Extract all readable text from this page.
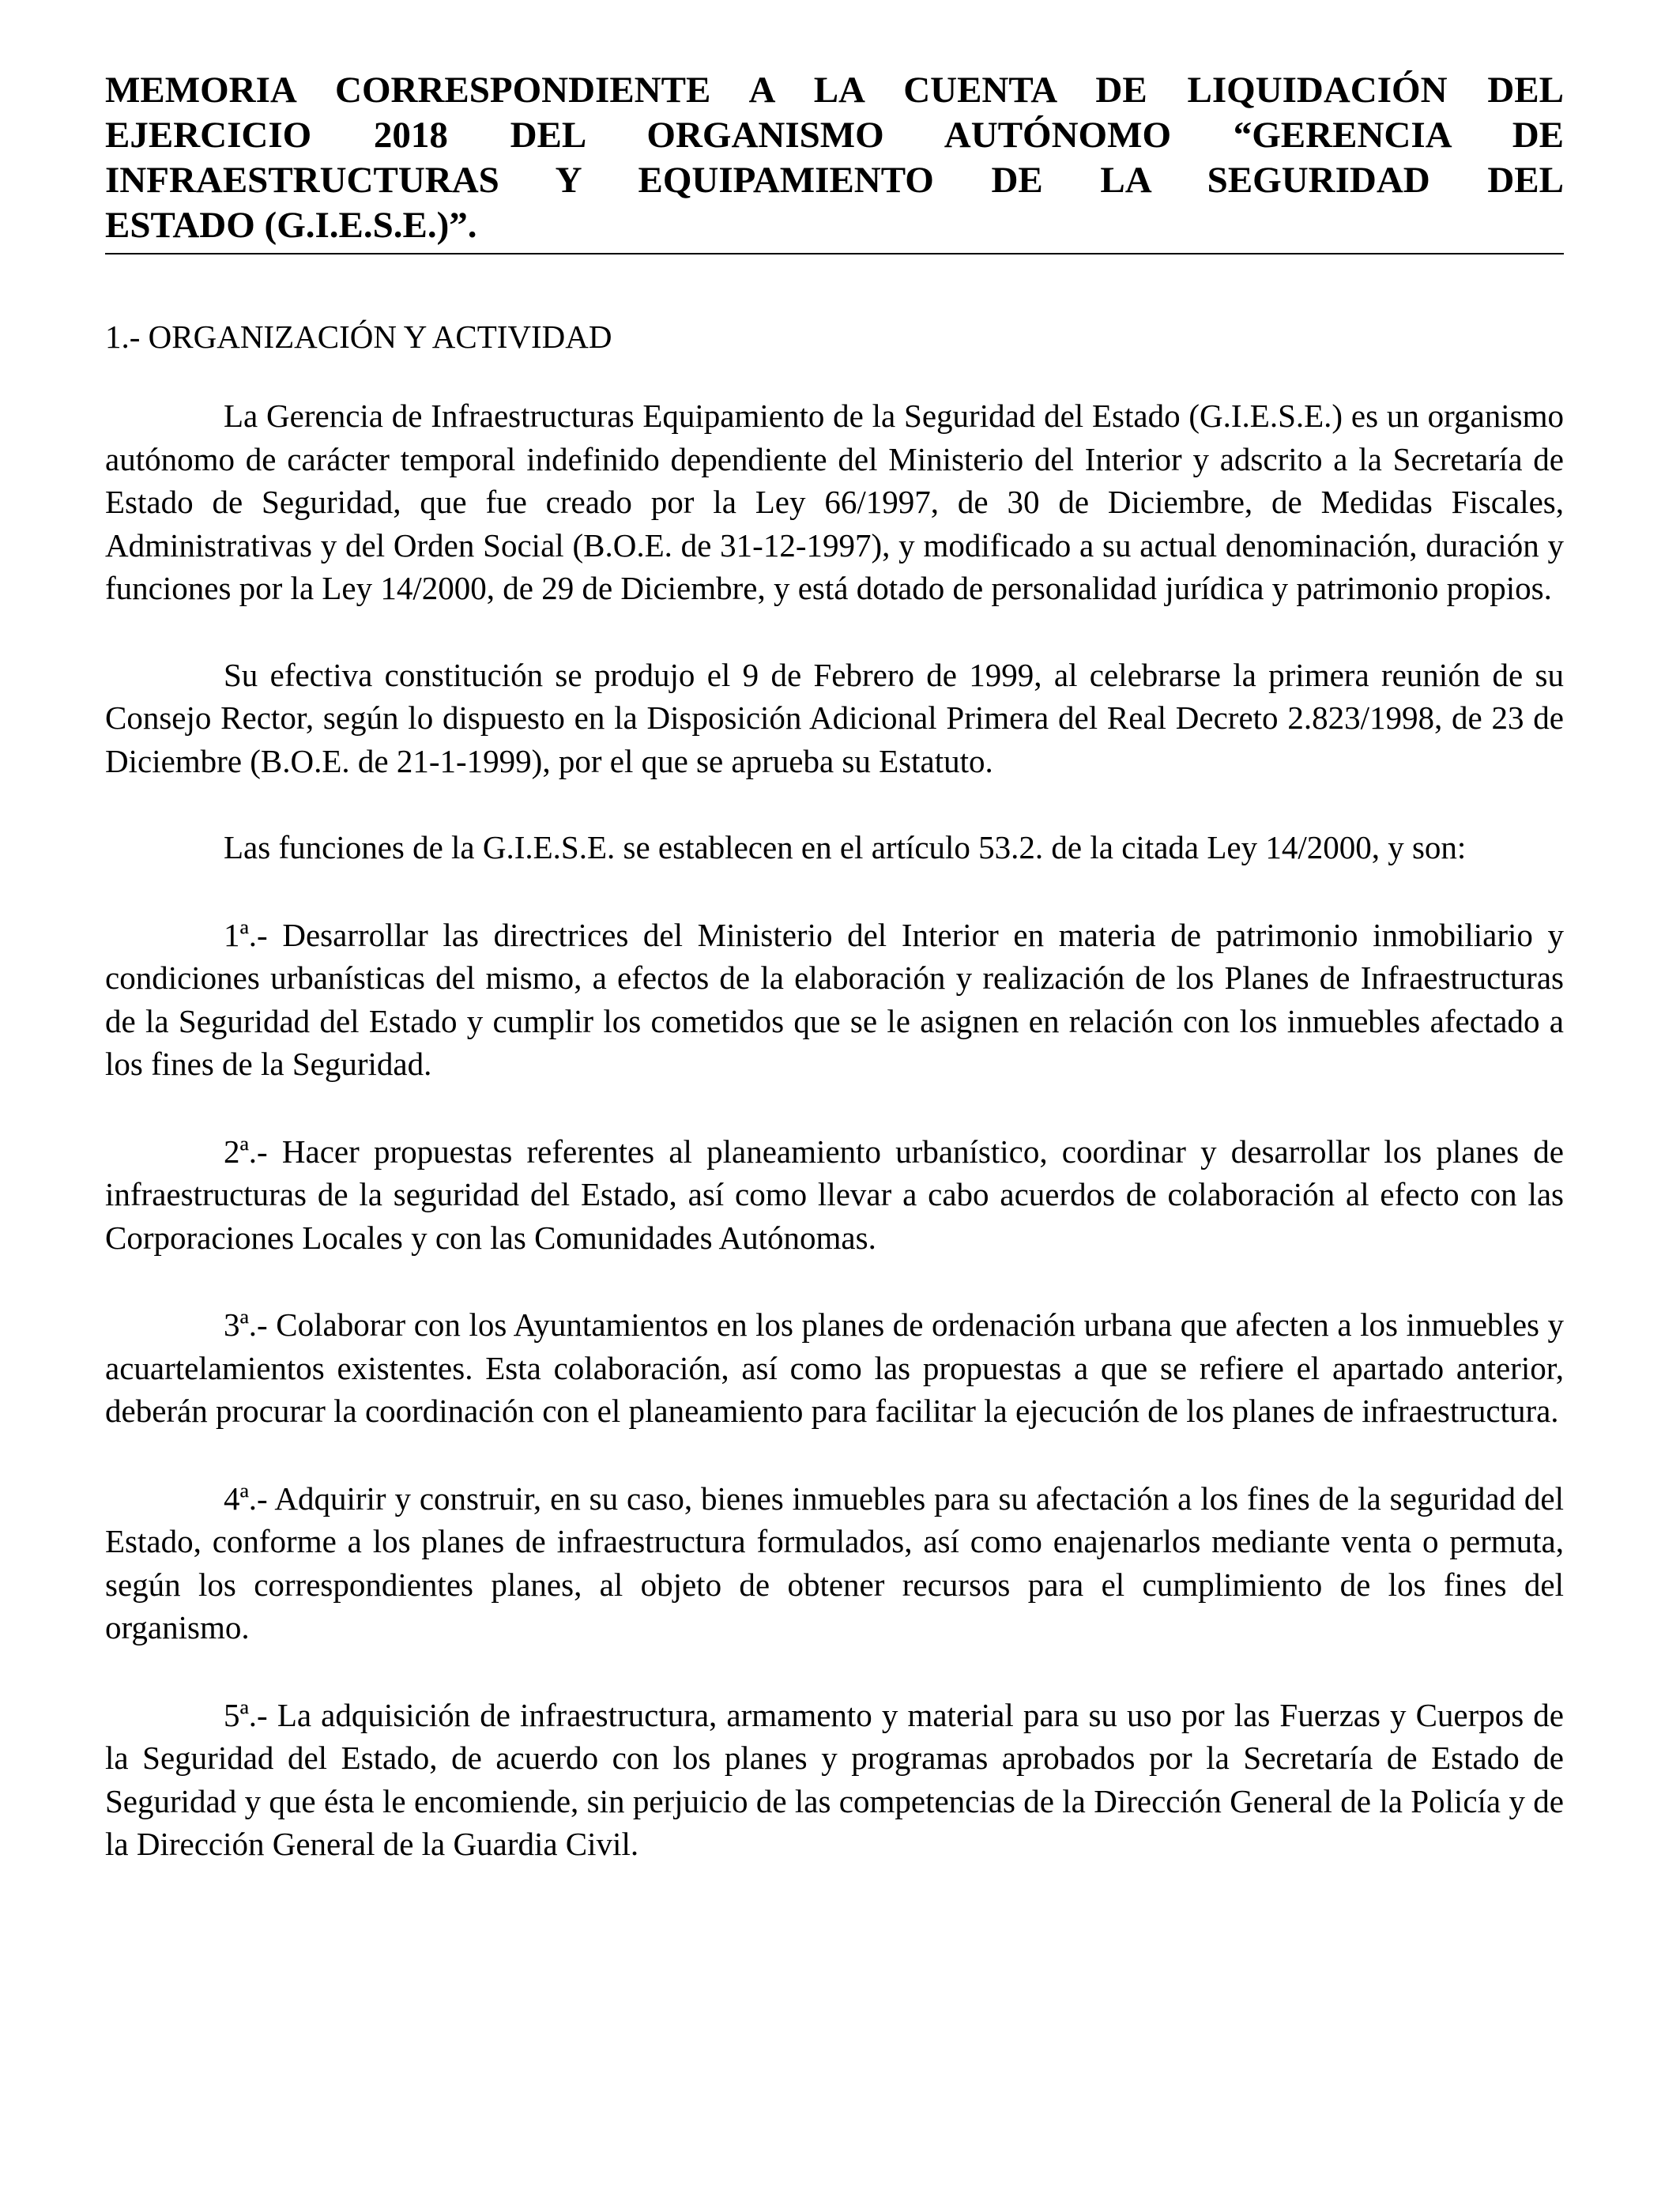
MEMORIA CORRESPONDIENTE A LA CUENTA DE LIQUIDACIÓN DEL
EJERCICIO 2018 DEL ORGANISMO AUTÓNOMO “GERENCIA DE
INFRAESTRUCTURAS Y EQUIPAMIENTO DE LA SEGURIDAD DEL
ESTADO (G.I.E.S.E.)”.
1.- ORGANIZACIÓN Y ACTIVIDAD

La Gerencia de Infraestructuras Equipamiento de la Seguridad del Estado (G.I.E.S.E.) es un organismo autónomo de carácter temporal indefinido dependiente del Ministerio del Interior y adscrito a la Secretaría de Estado de Seguridad, que fue creado por la Ley 66/1997, de 30 de Diciembre, de Medidas Fiscales, Administrativas y del Orden Social (B.O.E. de 31-12-1997), y modificado a su actual denominación, duración y funciones por la Ley 14/2000, de 29 de Diciembre, y está dotado de personalidad jurídica y patrimonio propios.

Su efectiva constitución se produjo el 9 de Febrero de 1999, al celebrarse la primera reunión de su Consejo Rector, según lo dispuesto en la Disposición Adicional Primera del Real Decreto 2.823/1998, de 23 de Diciembre (B.O.E. de 21-1-1999), por el que se aprueba su Estatuto.

Las funciones de la G.I.E.S.E. se establecen en el artículo 53.2. de la citada Ley 14/2000, y son:

1ª.- Desarrollar las directrices del Ministerio del Interior en materia de patrimonio inmobiliario y condiciones urbanísticas del mismo, a efectos de la elaboración y realización de los Planes de Infraestructuras de la Seguridad del Estado y cumplir los cometidos que se le asignen en relación con los inmuebles afectado a los fines de la Seguridad.

2ª.- Hacer propuestas referentes al planeamiento urbanístico, coordinar y desarrollar los planes de infraestructuras de la seguridad del Estado, así como llevar a cabo acuerdos de colaboración al efecto con las Corporaciones Locales y con las Comunidades Autónomas.

3ª.- Colaborar con los Ayuntamientos en los planes de ordenación urbana que afecten a los inmuebles y acuartelamientos existentes. Esta colaboración, así como las propuestas a que se refiere el apartado anterior, deberán procurar la coordinación con el planeamiento para facilitar la ejecución de los planes de infraestructura.

4ª.- Adquirir y construir, en su caso, bienes inmuebles para su afectación a los fines de la seguridad del Estado, conforme a los planes de infraestructura formulados, así como enajenarlos mediante venta o permuta, según los correspondientes planes, al objeto de obtener recursos para el cumplimiento de los fines del organismo.

5ª.- La adquisición de infraestructura, armamento y material para su uso por las Fuerzas y Cuerpos de la Seguridad del Estado, de acuerdo con los planes y programas aprobados por la Secretaría de Estado de Seguridad y que ésta le encomiende, sin perjuicio de las competencias de la Dirección General de la Policía y de la Dirección General de la Guardia Civil.
